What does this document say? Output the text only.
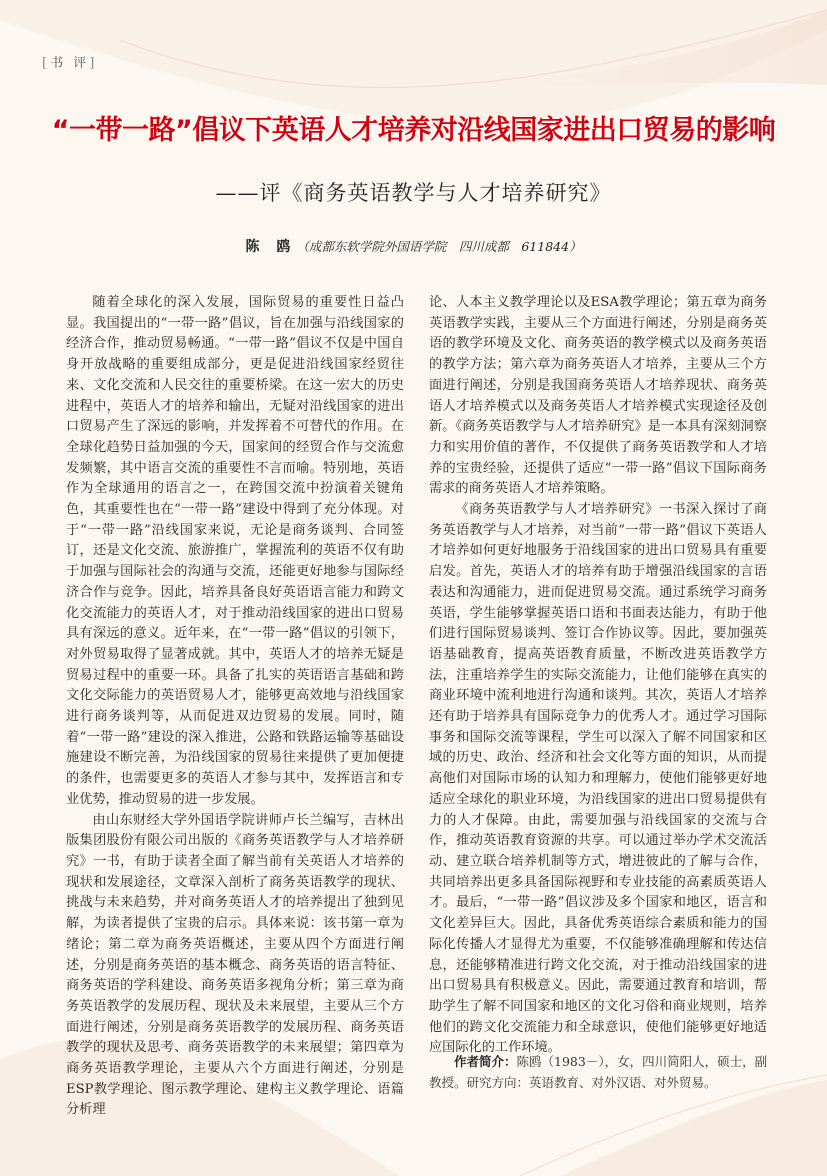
[书 评]
“一带一路”倡议下英语人才培养对沿线国家进出口贸易的影响
——评《商务英语教学与人才培养研究》
陈 鸥（成都东软学院外国语学院　四川成都　611844）

随着全球化的深入发展，国际贸易的重要性日益凸显。我国提出的“一带一路”倡议，旨在加强与沿线国家的经济合作，推动贸易畅通。“一带一路”倡议不仅是中国自身开放战略的重要组成部分，更是促进沿线国家经贸往来、文化交流和人民交往的重要桥梁。在这一宏大的历史进程中，英语人才的培养和输出，无疑对沿线国家的进出口贸易产生了深远的影响，并发挥着不可替代的作用。在全球化趋势日益加强的今天，国家间的经贸合作与交流愈发频繁，其中语言交流的重要性不言而喻。特别地，英语作为全球通用的语言之一，在跨国交流中扮演着关键角色，其重要性也在“一带一路”建设中得到了充分体现。对于“一带一路”沿线国家来说，无论是商务谈判、合同签订，还是文化交流、旅游推广，掌握流利的英语不仅有助于加强与国际社会的沟通与交流，还能更好地参与国际经济合作与竞争。因此，培养具备良好英语语言能力和跨文化交流能力的英语人才，对于推动沿线国家的进出口贸易具有深远的意义。近年来，在“一带一路”倡议的引领下，对外贸易取得了显著成就。其中，英语人才的培养无疑是贸易过程中的重要一环。具备了扎实的英语语言基础和跨文化交际能力的英语贸易人才，能够更高效地与沿线国家进行商务谈判等，从而促进双边贸易的发展。同时，随着“一带一路”建设的深入推进，公路和铁路运输等基础设施建设不断完善，为沿线国家的贸易往来提供了更加便捷的条件，也需要更多的英语人才参与其中，发挥语言和专业优势，推动贸易的进一步发展。

由山东财经大学外国语学院讲师卢长兰编写，吉林出版集团股份有限公司出版的《商务英语教学与人才培养研究》一书，有助于读者全面了解当前有关英语人才培养的现状和发展途径，文章深入剖析了商务英语教学的现状、挑战与未来趋势，并对商务英语人才的培养提出了独到见解，为读者提供了宝贵的启示。具体来说：该书第一章为绪论；第二章为商务英语概述，主要从四个方面进行阐述，分别是商务英语的基本概念、商务英语的语言特征、商务英语的学科建设、商务英语多视角分析；第三章为商务英语教学的发展历程、现状及未来展望，主要从三个方面进行阐述，分别是商务英语教学的发展历程、商务英语教学的现状及思考、商务英语教学的未来展望；第四章为商务英语教学理论，主要从六个方面进行阐述，分别是ESP教学理论、图示教学理论、建构主义教学理论、语篇分析理

论、人本主义教学理论以及ESA教学理论；第五章为商务英语教学实践，主要从三个方面进行阐述，分别是商务英语的教学环境及文化、商务英语的教学模式以及商务英语的教学方法；第六章为商务英语人才培养，主要从三个方面进行阐述，分别是我国商务英语人才培养现状、商务英语人才培养模式以及商务英语人才培养模式实现途径及创新。《商务英语教学与人才培养研究》是一本具有深刻洞察力和实用价值的著作，不仅提供了商务英语教学和人才培养的宝贵经验，还提供了适应“一带一路”倡议下国际商务需求的商务英语人才培养策略。

《商务英语教学与人才培养研究》一书深入探讨了商务英语教学与人才培养，对当前“一带一路”倡议下英语人才培养如何更好地服务于沿线国家的进出口贸易具有重要启发。首先，英语人才的培养有助于增强沿线国家的言语表达和沟通能力，进而促进贸易交流。通过系统学习商务英语，学生能够掌握英语口语和书面表达能力，有助于他们进行国际贸易谈判、签订合作协议等。因此，要加强英语基础教育，提高英语教育质量，不断改进英语教学方法，注重培养学生的实际交流能力，让他们能够在真实的商业环境中流利地进行沟通和谈判。其次，英语人才培养还有助于培养具有国际竞争力的优秀人才。通过学习国际事务和国际交流等课程，学生可以深入了解不同国家和区域的历史、政治、经济和社会文化等方面的知识，从而提高他们对国际市场的认知力和理解力，使他们能够更好地适应全球化的职业环境，为沿线国家的进出口贸易提供有力的人才保障。由此，需要加强与沿线国家的交流与合作，推动英语教育资源的共享。可以通过举办学术交流活动、建立联合培养机制等方式，增进彼此的了解与合作，共同培养出更多具备国际视野和专业技能的高素质英语人才。最后，“一带一路”倡议涉及多个国家和地区，语言和文化差异巨大。因此，具备优秀英语综合素质和能力的国际化传播人才显得尤为重要，不仅能够准确理解和传达信息，还能够精准进行跨文化交流，对于推动沿线国家的进出口贸易具有积极意义。因此，需要通过教育和培训，帮助学生了解不同国家和地区的文化习俗和商业规则，培养他们的跨文化交流能力和全球意识，使他们能够更好地适应国际化的工作环境。

作者简介：陈鸥（1983－），女，四川简阳人，硕士，副教授。研究方向：英语教育、对外汉语、对外贸易。
